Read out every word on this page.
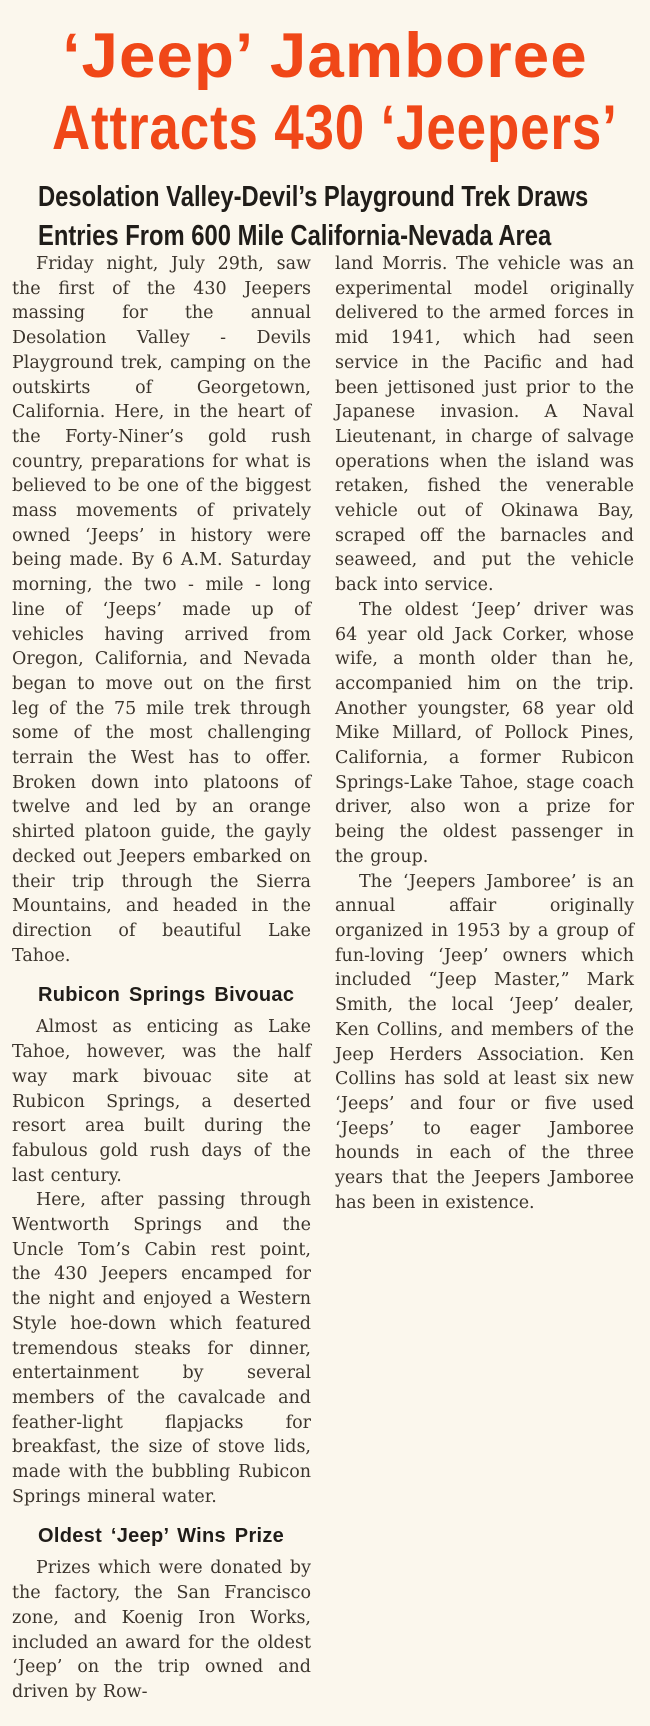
‘Jeep’ Jamboree
Attracts 430 ‘Jeepers’
Desolation Valley-Devil’s Playground Trek Draws
Entries From 600 Mile California-Nevada Area
Friday night, July 29th, saw the first of the 430 Jeepers massing for the annual Desolation Valley - Devils Playground trek, camping on the outskirts of Georgetown, California. Here, in the heart of the Forty-Niner’s gold rush country, preparations for what is believed to be one of the biggest mass movements of privately owned ‘Jeeps’ in history were being made. By 6 A.M. Saturday morning, the two - mile - long line of ‘Jeeps’ made up of vehicles having arrived from Oregon, California, and Nevada began to move out on the first leg of the 75 mile trek through some of the most challenging terrain the West has to offer. Broken down into platoons of twelve and led by an orange shirted platoon guide, the gayly decked out Jeepers embarked on their trip through the Sierra Mountains, and headed in the direction of beautiful Lake Tahoe.
Rubicon Springs Bivouac
Almost as enticing as Lake Tahoe, however, was the half way mark bivouac site at Rubicon Springs, a deserted resort area built during the fabulous gold rush days of the last century.
Here, after passing through Wentworth Springs and the Uncle Tom’s Cabin rest point, the 430 Jeepers encamped for the night and enjoyed a Western Style hoe-down which featured tremendous steaks for dinner, entertainment by several members of the cavalcade and feather-light flapjacks for breakfast, the size of stove lids, made with the bubbling Rubicon Springs mineral water.
Oldest ‘Jeep’ Wins Prize
Prizes which were donated by the factory, the San Francisco zone, and Koenig Iron Works, included an award for the oldest ‘Jeep’ on the trip owned and driven by Row-
land Morris. The vehicle was an experimental model originally delivered to the armed forces in mid 1941, which had seen service in the Pacific and had been jettisoned just prior to the Japanese invasion. A Naval Lieutenant, in charge of salvage operations when the island was retaken, fished the venerable vehicle out of Okinawa Bay, scraped off the barnacles and seaweed, and put the vehicle back into service.
The oldest ‘Jeep’ driver was 64 year old Jack Corker, whose wife, a month older than he, accompanied him on the trip. Another youngster, 68 year old Mike Millard, of Pollock Pines, California, a former Rubicon Springs-Lake Tahoe, stage coach driver, also won a prize for being the oldest passenger in the group.
The ‘Jeepers Jamboree’ is an annual affair originally organized in 1953 by a group of fun-loving ‘Jeep’ owners which included “Jeep Master,” Mark Smith, the local ‘Jeep’ dealer, Ken Collins, and members of the Jeep Herders Association. Ken Collins has sold at least six new ‘Jeeps’ and four or five used ‘Jeeps’ to eager Jamboree hounds in each of the three years that the Jeepers Jamboree has been in existence.
